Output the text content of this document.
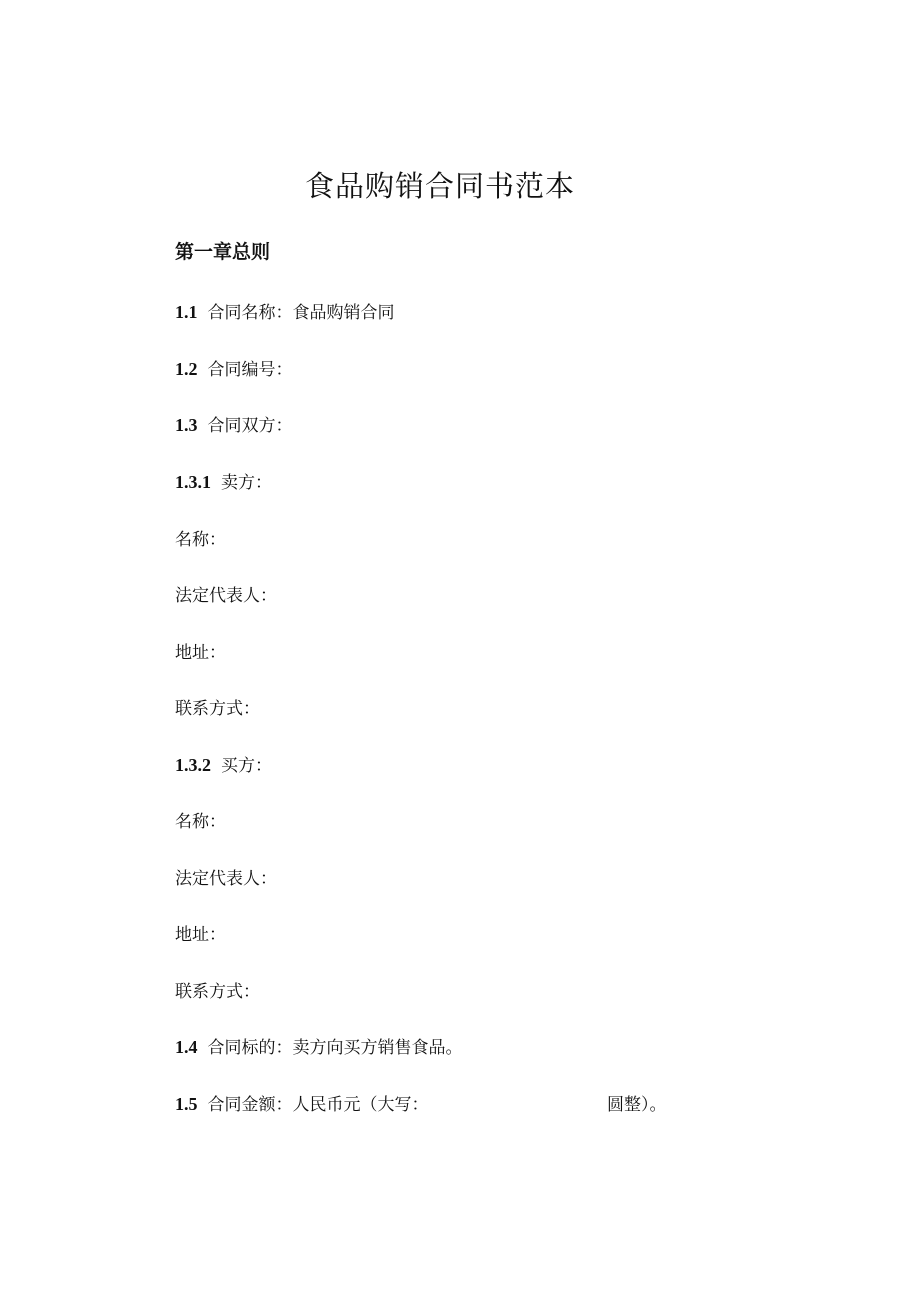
食品购销合同书范本
第一章总则
1.1 合同名称：食品购销合同
1.2 合同编号：
1.3 合同双方：
1.3.1 卖方：
名称：
法定代表人：
地址：
联系方式：
1.3.2 买方：
名称：
法定代表人：
地址：
联系方式：
1.4 合同标的：卖方向买方销售食品。
1.5 合同金额：人民币元（大写：	圆整）。
